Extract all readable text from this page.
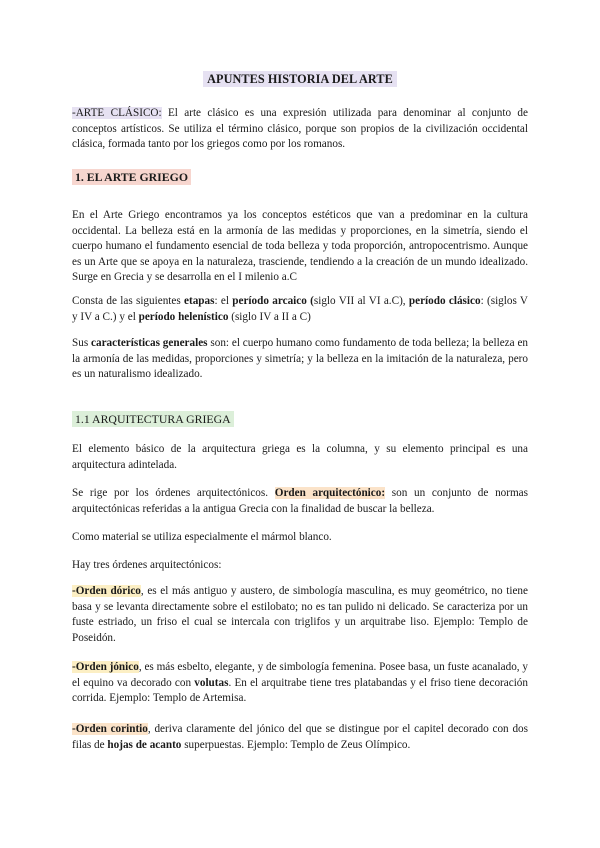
APUNTES HISTORIA DEL ARTE

-ARTE CLÁSICO: El arte clásico es una expresión utilizada para denominar al conjunto de conceptos artísticos. Se utiliza el término clásico, porque son propios de la civilización occidental clásica, formada tanto por los griegos como por los romanos.

1. EL ARTE GRIEGO

En el Arte Griego encontramos ya los conceptos estéticos que van a predominar en la cultura occidental. La belleza está en la armonía de las medidas y proporciones, en la simetría, siendo el cuerpo humano el fundamento esencial de toda belleza y toda proporción, antropocentrismo. Aunque es un Arte que se apoya en la naturaleza, trasciende, tendiendo a la creación de un mundo idealizado. Surge en Grecia y se desarrolla en el I milenio a.C

Consta de las siguientes etapas: el período arcaico (siglo VII al VI a.C), período clásico: (siglos V y IV a C.) y el período helenístico (siglo IV a II a C)

Sus características generales son: el cuerpo humano como fundamento de toda belleza; la belleza en la armonía de las medidas, proporciones y simetría; y la belleza en la imitación de la naturaleza, pero es un naturalismo idealizado.

1.1 ARQUITECTURA GRIEGA

El elemento básico de la arquitectura griega es la columna, y su elemento principal es una arquitectura adintelada.

Se rige por los órdenes arquitectónicos. Orden arquitectónico: son un conjunto de normas arquitectónicas referidas a la antigua Grecia con la finalidad de buscar la belleza.

Como material se utiliza especialmente el mármol blanco.

Hay tres órdenes arquitectónicos:

-Orden dórico, es el más antiguo y austero, de simbología masculina, es muy geométrico, no tiene basa y se levanta directamente sobre el estilobato; no es tan pulido ni delicado. Se caracteriza por un fuste estriado, un friso el cual se intercala con triglifos y un arquitrabe liso. Ejemplo: Templo de Poseidón.

-Orden jónico, es más esbelto, elegante, y de simbología femenina. Posee basa, un fuste acanalado, y el equino va decorado con volutas. En el arquitrabe tiene tres platabandas y el friso tiene decoración corrida. Ejemplo: Templo de Artemisa.

-Orden corintio, deriva claramente del jónico del que se distingue por el capitel decorado con dos filas de hojas de acanto superpuestas. Ejemplo: Templo de Zeus Olímpico.
